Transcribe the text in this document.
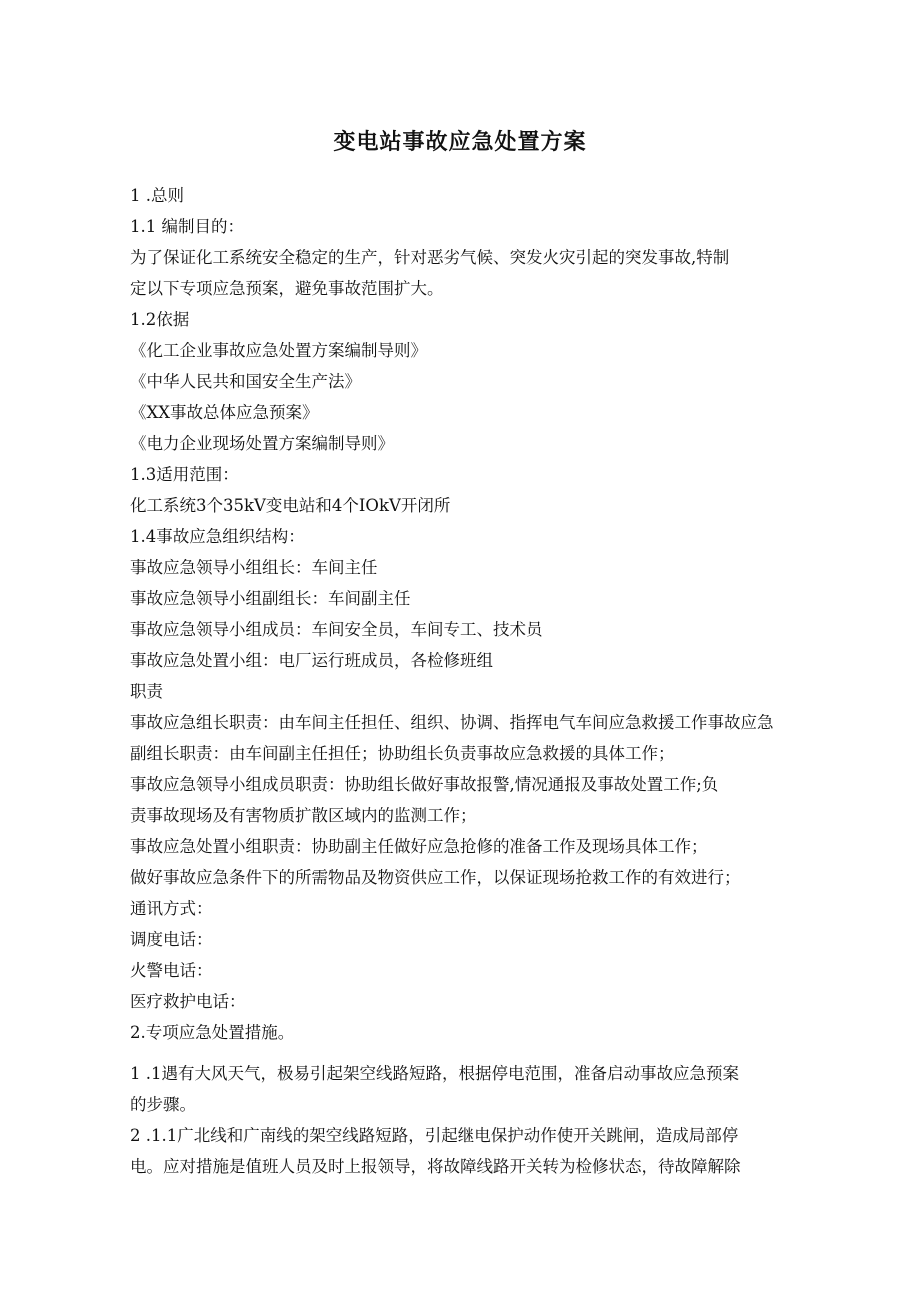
变电站事故应急处置方案
1 .总则
1.1 编制目的：
为了保证化工系统安全稳定的生产，针对恶劣气候、突发火灾引起的突发事故,特制
定以下专项应急预案，避免事故范围扩大。
1.2依据
《化工企业事故应急处置方案编制导则》
《中华人民共和国安全生产法》
《XX事故总体应急预案》
《电力企业现场处置方案编制导则》
1.3适用范围：
化工系统3个35kV变电站和4个IOkV开闭所
1.4事故应急组织结构：
事故应急领导小组组长：车间主任
事故应急领导小组副组长：车间副主任
事故应急领导小组成员：车间安全员，车间专工、技术员
事故应急处置小组：电厂运行班成员，各检修班组
职责
事故应急组长职责：由车间主任担任、组织、协调、指挥电气车间应急救援工作事故应急
副组长职责：由车间副主任担任；协助组长负责事故应急救援的具体工作；
事故应急领导小组成员职责：协助组长做好事故报警,情况通报及事故处置工作;负
责事故现场及有害物质扩散区域内的监测工作；
事故应急处置小组职责：协助副主任做好应急抢修的准备工作及现场具体工作；
做好事故应急条件下的所需物品及物资供应工作，以保证现场抢救工作的有效进行；
通讯方式：
调度电话：
火警电话：
医疗救护电话：
2.专项应急处置措施。
1 .1遇有大风天气，极易引起架空线路短路，根据停电范围，准备启动事故应急预案
的步骤。
2 .1.1广北线和广南线的架空线路短路，引起继电保护动作使开关跳闸，造成局部停
电。应对措施是值班人员及时上报领导，将故障线路开关转为检修状态，待故障解除
